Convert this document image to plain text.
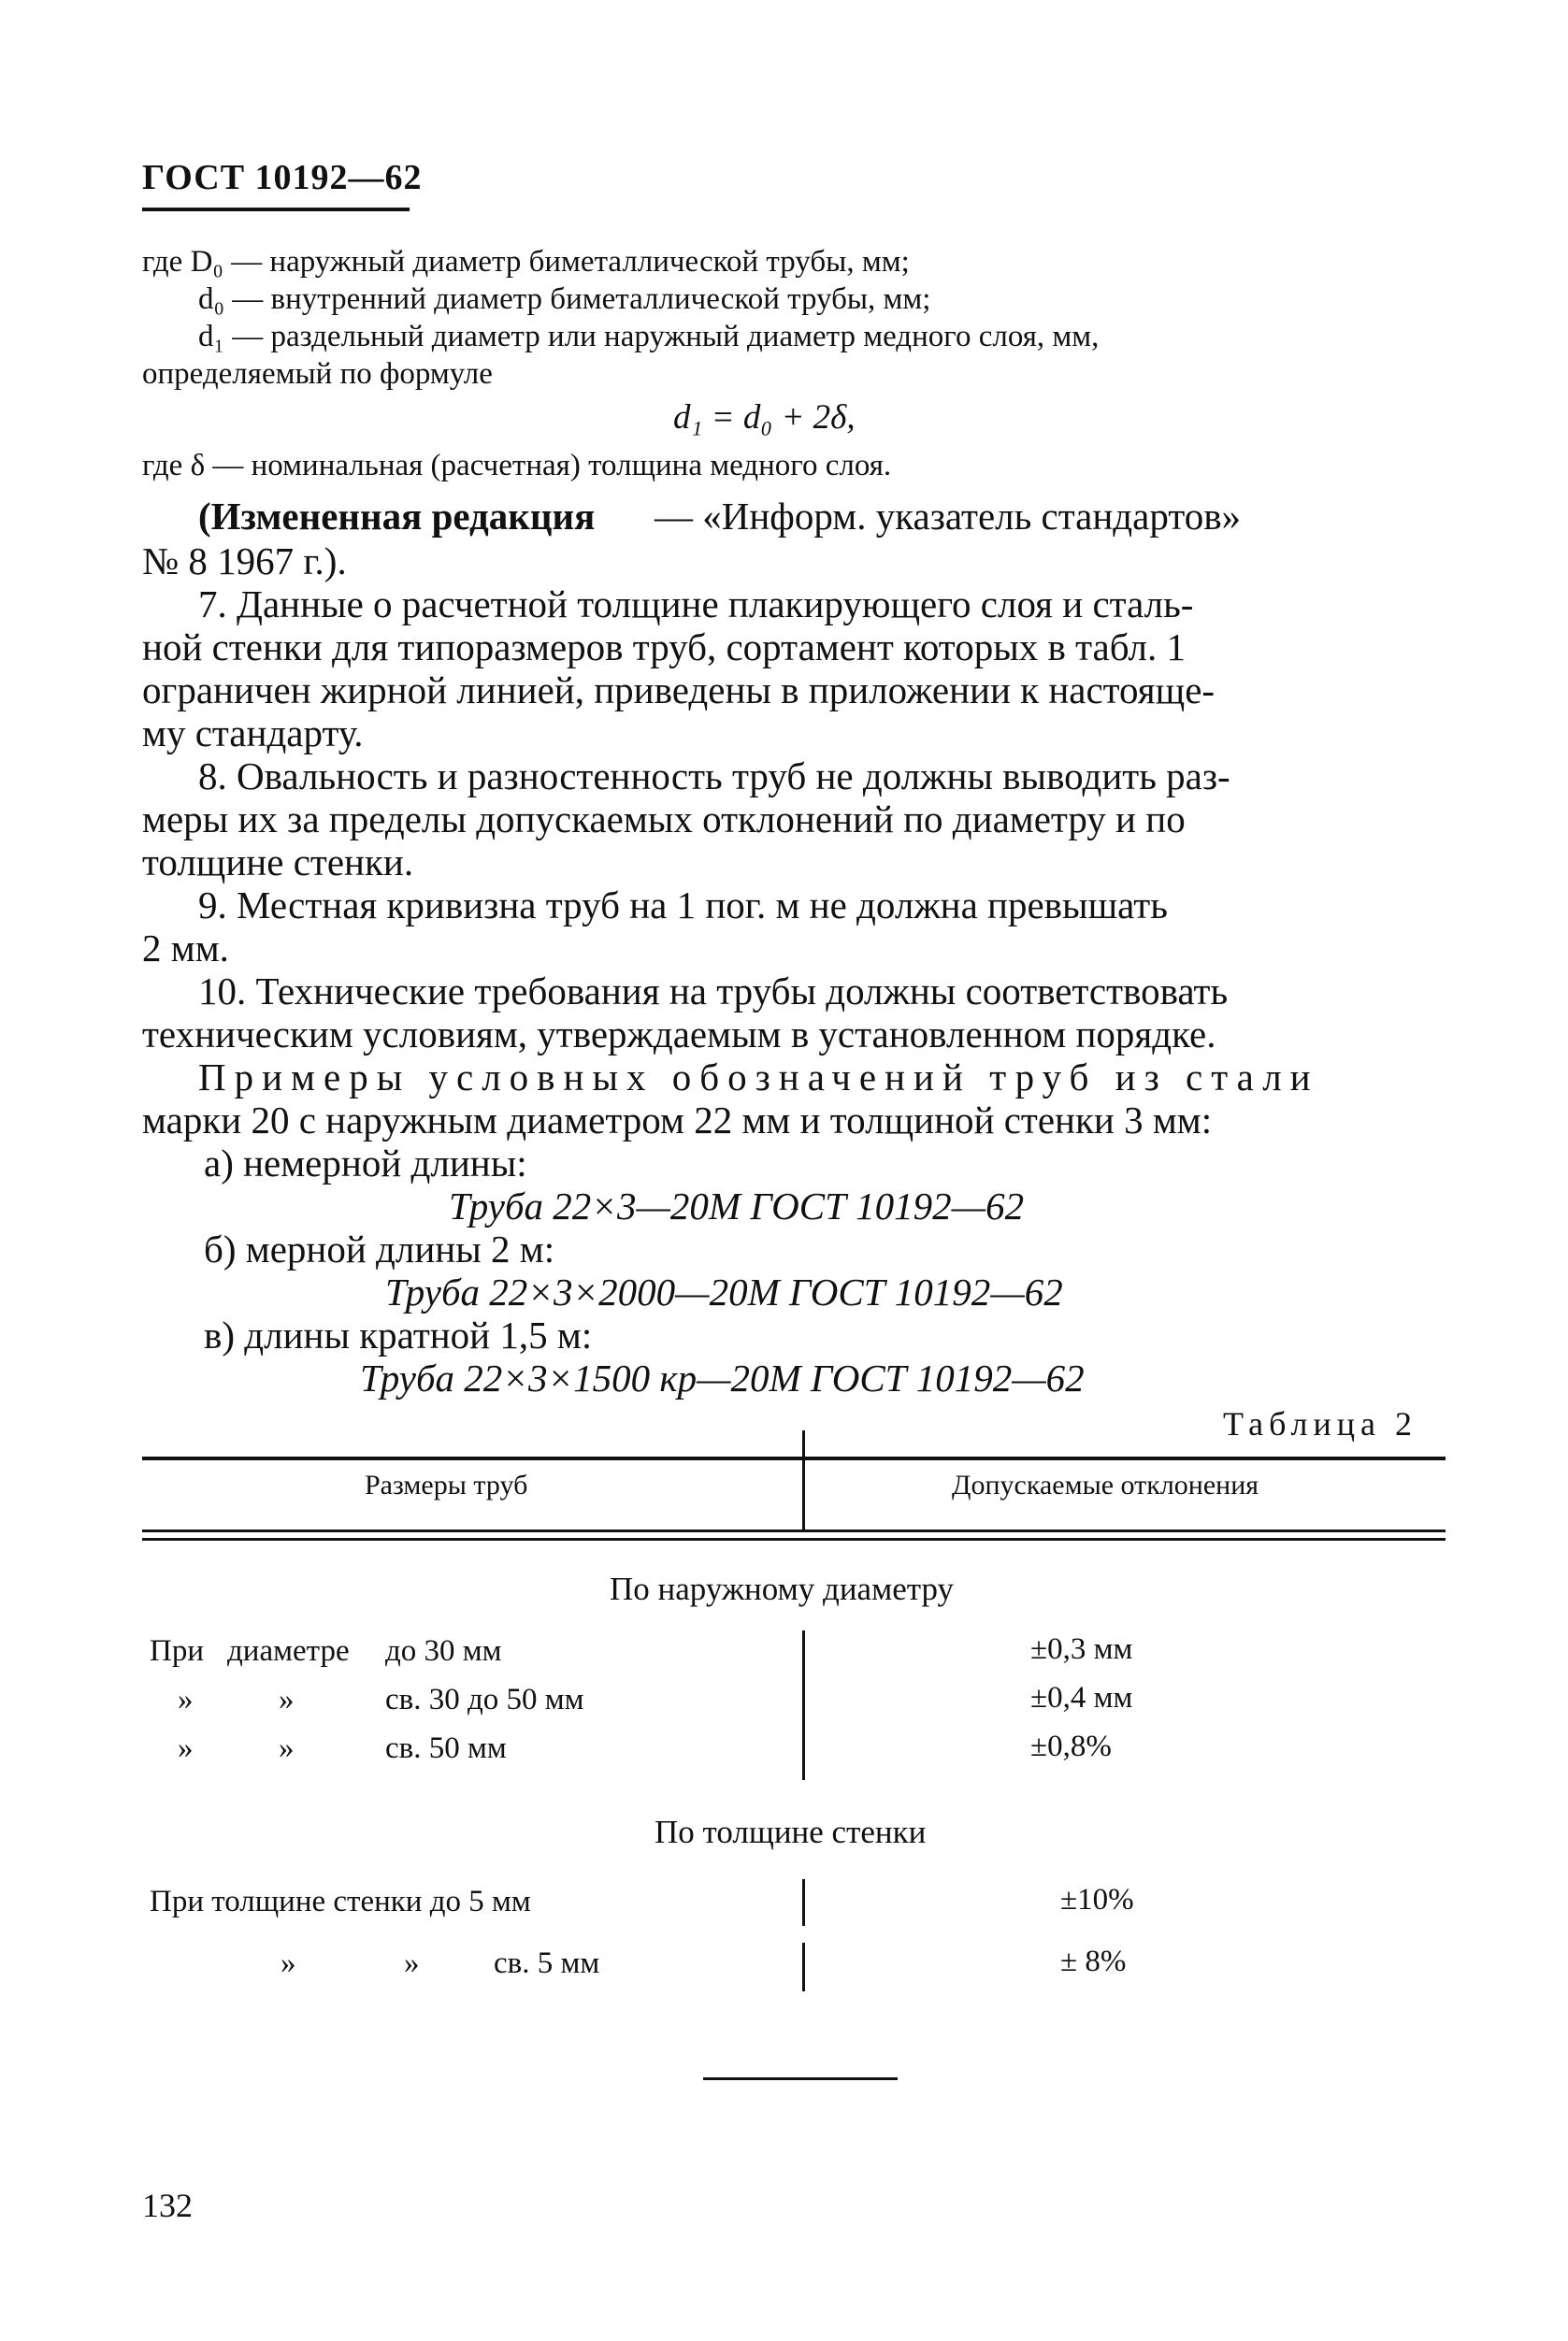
ГОСТ 10192—62
где D₀ — наружный диаметр биметаллической трубы, мм;
d₀ — внутренний диаметр биметаллической трубы, мм;
d₁ — раздельный диаметр или наружный диаметр медного слоя, мм,
определяемый по формуле
d₁ = d₀ + 2δ,
где δ — номинальная (расчетная) толщина медного слоя.
(Измененная редакция — «Информ. указатель стандартов»
№ 8 1967 г.).
7. Данные о расчетной толщине плакирующего слоя и сталь-
ной стенки для типоразмеров труб, сортамент которых в табл. 1
ограничен жирной линией, приведены в приложении к настояще-
му стандарту.
8. Овальность и разностенность труб не должны выводить раз-
меры их за пределы допускаемых отклонений по диаметру и по
толщине стенки.
9. Местная кривизна труб на 1 пог. м не должна превышать
2 мм.
10. Технические требования на трубы должны соответствовать
техническим условиям, утверждаемым в установленном порядке.
Примеры условных обозначений труб из стали
марки 20 с наружным диаметром 22 мм и толщиной стенки 3 мм:
а) немерной длины:
Труба 22×3—20М ГОСТ 10192—62
б) мерной длины 2 м:
Труба 22×3×2000—20М ГОСТ 10192—62
в) длины кратной 1,5 м:
Труба 22×3×1500 кр—20М ГОСТ 10192—62
Таблица 2
Размеры труб	Допускаемые отклонения
По наружному диаметру
При диаметре до 30 мм	±0,3 мм
»	»	св. 30 до 50 мм	±0,4 мм
»	»	св. 50 мм	±0,8%
По толщине стенки
При толщине стенки до 5 мм	±10%
»	» св. 5 мм	± 8%
132
